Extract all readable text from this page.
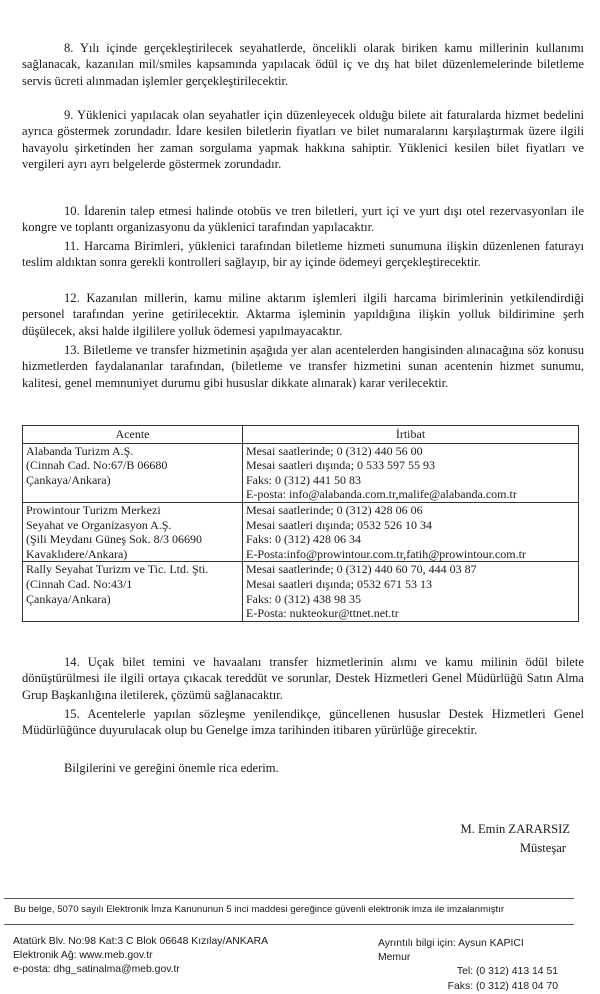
8. Yılı içinde gerçekleştirilecek seyahatlerde, öncelikli olarak biriken kamu millerinin kullanımı sağlanacak, kazanılan mil/smiles kapsamında yapılacak ödül iç ve dış hat bilet düzenlemelerinde biletleme servis ücreti alınmadan işlemler gerçekleştirilecektir.

9. Yüklenici yapılacak olan seyahatler için düzenleyecek olduğu bilete ait faturalarda hizmet bedelini ayrıca göstermek zorundadır. İdare kesilen biletlerin fiyatları ve bilet numaralarını karşılaştırmak üzere ilgili havayolu şirketinden her zaman sorgulama yapmak hakkına sahiptir. Yüklenici kesilen bilet fiyatları ve vergileri ayrı ayrı belgelerde göstermek zorundadır.

10. İdarenin talep etmesi halinde otobüs ve tren biletleri, yurt içi ve yurt dışı otel rezervasyonları ile kongre ve toplantı organizasyonu da yüklenici tarafından yapılacaktır.

11. Harcama Birimleri, yüklenici tarafından biletleme hizmeti sunumuna ilişkin düzenlenen faturayı teslim aldıktan sonra gerekli kontrolleri sağlayıp, bir ay içinde ödemeyi gerçekleştirecektir.

12. Kazanılan millerin, kamu miline aktarım işlemleri ilgili harcama birimlerinin yetkilendirdiği personel tarafından yerine getirilecektir. Aktarma işleminin yapıldığına ilişkin yolluk bildirimine şerh düşülecek, aksi halde ilgililere yolluk ödemesi yapılmayacaktır.

13. Biletleme ve transfer hizmetinin aşağıda yer alan acentelerden hangisinden alınacağına söz konusu hizmetlerden faydalananlar tarafından, (biletleme ve transfer hizmetini sunan acentenin hizmet sunumu, kalitesi, genel memnuniyet durumu gibi hususlar dikkate alınarak) karar verilecektir.

Acente	İrtibat

Alabanda Turizm A.Ş.
(Cinnah Cad. No:67/B 06680
Çankaya/Ankara)	Mesai saatlerinde; 0 (312) 440 56 00
Mesai saatleri dışında; 0 533 597 55 93
Faks: 0 (312) 441 50 83
E-posta: info@alabanda.com.tr,malife@alabanda.com.tr

Prowintour Turizm Merkezi
Seyahat ve Organizasyon A.Ş.
(Şili Meydanı Güneş Sok. 8/3 06690
Kavaklıdere/Ankara)	Mesai saatlerinde; 0 (312) 428 06 06
Mesai saatleri dışında; 0532 526 10 34
Faks: 0 (312) 428 06 34
E-Posta:info@prowintour.com.tr,fatih@prowintour.com.tr

Rally Seyahat Turizm ve Tic. Ltd. Şti.
(Cinnah Cad. No:43/1
Çankaya/Ankara)	Mesai saatlerinde; 0 (312) 440 60 70, 444 03 87
Mesai saatleri dışında; 0532 671 53 13
Faks: 0 (312) 438 98 35
E-Posta: nukteokur@ttnet.net.tr

14. Uçak bilet temini ve havaalanı transfer hizmetlerinin alımı ve kamu milinin ödül bilete dönüştürülmesi ile ilgili ortaya çıkacak tereddüt ve sorunlar, Destek Hizmetleri Genel Müdürlüğü Satın Alma Grup Başkanlığına iletilerek, çözümü sağlanacaktır.

15. Acentelerle yapılan sözleşme yenilendikçe, güncellenen hususlar Destek Hizmetleri Genel Müdürlüğünce duyurulacak olup bu Genelge imza tarihinden itibaren yürürlüğe girecektir.

Bilgilerini ve gereğini önemle rica ederim.

M. Emin ZARARSIZ
Müsteşar
Bu belge, 5070 sayılı Elektronik İmza Kanununun 5 inci maddesi gereğince güvenli elektronik imza ile imzalanmıştır
Atatürk Blv. No:98 Kat:3 C Blok 06648 Kızılay/ANKARA
Elektronik Ağ: www.meb.gov.tr
e-posta: dhg_satinalma@meb.gov.tr
Ayrıntılı bilgi için: Aysun KAPICI Memur
Tel: (0 312) 413 14 51
Faks: (0 312) 418 04 70
